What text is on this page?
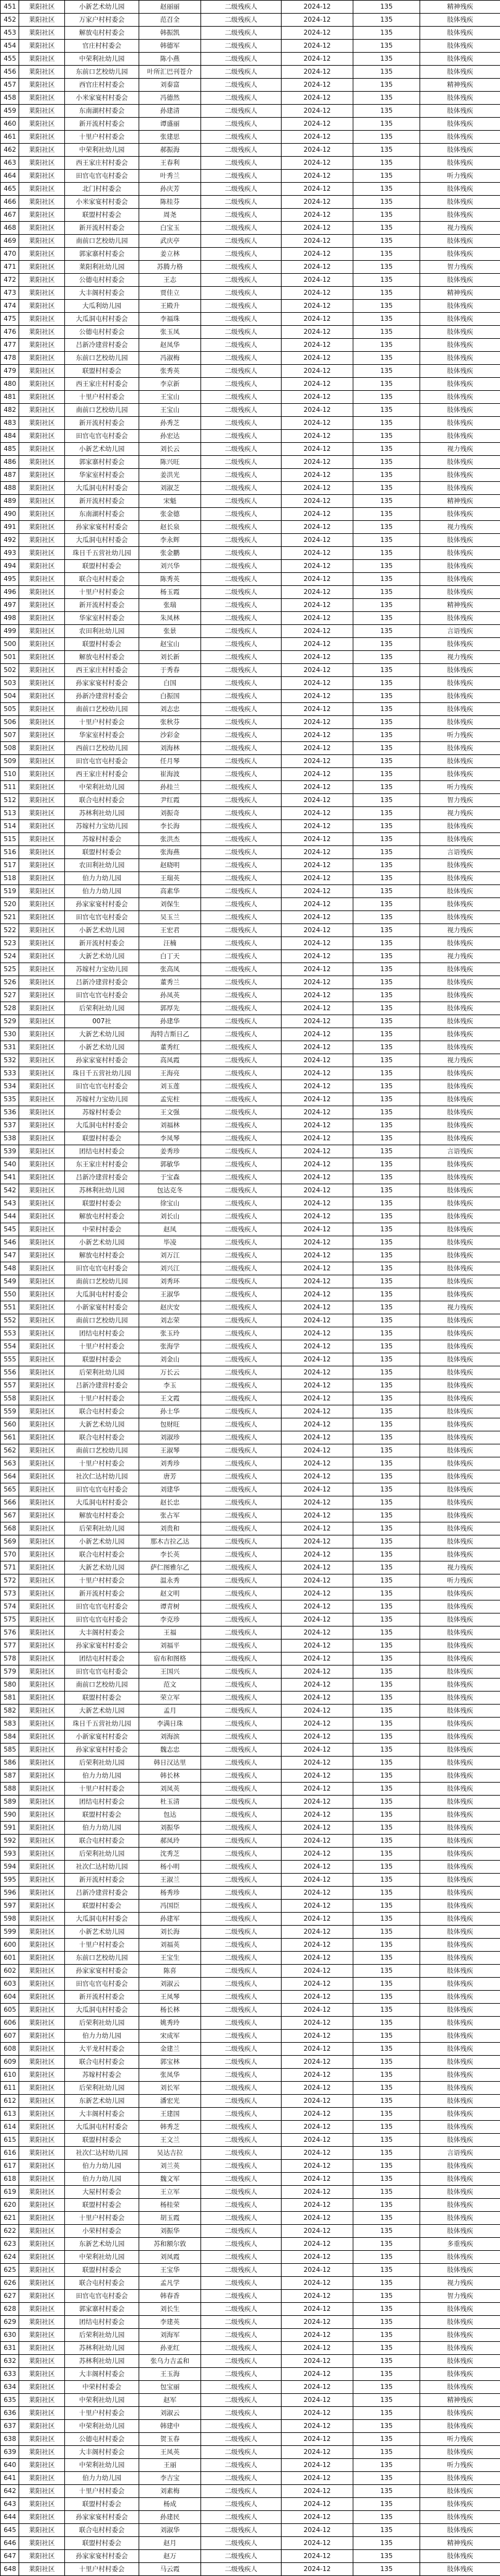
451	莱阳社区	小新艺术幼儿园	赵丽丽	二级残疾人	2024-12	135	精神残疾
452	莱阳社区	万家户村村委会	范召全	二级残疾人	2024-12	135	肢体残疾
453	莱阳社区	解放屯村村委会	韩振凯	二级残疾人	2024-12	135	肢体残疾
454	莱阳社区	官庄村村委会	韩德军	二级残疾人	2024-12	135	肢体残疾
455	莱阳社区	中荣利社幼儿园	陈小燕	二级残疾人	2024-12	135	肢体残疾
456	莱阳社区	东前口艺校幼儿园	叶所汇巴刊苍介	二级残疾人	2024-12	135	肢体残疾
457	莱阳社区	西官庄村村委会	刘泰富	二级残疾人	2024-12	135	精神残疾
458	莱阳社区	小米家宴村村委会	冯德然	二级残疾人	2024-12	135	肢体残疾
459	莱阳社区	东南湖村村委会	孙建清	二级残疾人	2024-12	135	肢体残疾
460	莱阳社区	新开流村村委会	谭盛丽	二级残疾人	2024-12	135	肢体残疾
461	莱阳社区	十里户村村委会	张建思	二级残疾人	2024-12	135	肢体残疾
462	莱阳社区	中荣利社幼儿园	郝振海	二级残疾人	2024-12	135	肢体残疾
463	莱阳社区	西王家庄村村委会	王春利	二级残疾人	2024-12	135	肢体残疾
464	莱阳社区	田官屯官屯村委会	叶秀兰	二级残疾人	2024-12	135	听力残疾
465	莱阳社区	北门村村委会	孙庆芳	二级残疾人	2024-12	135	肢体残疾
466	莱阳社区	小米家宴村村委会	陈桂芬	二级残疾人	2024-12	135	肢体残疾
467	莱阳社区	联盟村村委会	周尧	二级残疾人	2024-12	135	肢体残疾
468	莱阳社区	新开流村村委会	白宝玉	二级残疾人	2024-12	135	视力残疾
469	莱阳社区	南前口艺校幼儿园	武庆亭	二级残疾人	2024-12	135	肢体残疾
470	莱阳社区	郭家寨村村委会	姜立林	二级残疾人	2024-12	135	肢体残疾
471	莱阳社区	莱阳利社幼儿园	苏腾力格	二级残疾人	2024-12	135	智力残疾
472	莱阳社区	公德屯村村委会	王志	二级残疾人	2024-12	135	肢体残疾
473	莱阳社区	大丰阁村村委会	贾佳立	二级残疾人	2024-12	135	精神残疾
474	莱阳社区	大瓜利幼儿园	王殿升	二级残疾人	2024-12	135	肢体残疾
475	莱阳社区	大瓜洞屯村村委会	李福珠	二级残疾人	2024-12	135	肢体残疾
476	莱阳社区	公德屯村村委会	张玉凤	二级残疾人	2024-12	135	肢体残疾
477	莱阳社区	吕新冷建营村委会	赵凤华	二级残疾人	2024-12	135	肢体残疾
478	莱阳社区	东前口艺校幼儿园	冯淑梅	二级残疾人	2024-12	135	肢体残疾
479	莱阳社区	联盟村村委会	张秀英	二级残疾人	2024-12	135	肢体残疾
480	莱阳社区	西王家庄村村委会	李京新	二级残疾人	2024-12	135	肢体残疾
481	莱阳社区	十里户村村委会	王宝山	二级残疾人	2024-12	135	肢体残疾
482	莱阳社区	南前口艺校幼儿园	王宝山	二级残疾人	2024-12	135	肢体残疾
483	莱阳社区	新开流村村委会	孙秀芝	二级残疾人	2024-12	135	肢体残疾
484	莱阳社区	田官屯官屯村委会	孙宏达	二级残疾人	2024-12	135	肢体残疾
485	莱阳社区	小新艺术幼儿园	刘长云	二级残疾人	2024-12	135	视力残疾
486	莱阳社区	郭家寨村村委会	陈兴旺	二级残疾人	2024-12	135	肢体残疾
487	莱阳社区	华家室村村委会	姜洪光	二级残疾人	2024-12	135	肢体残疾
488	莱阳社区	大瓜洞屯村村委会	刘淑芝	二级残疾人	2024-12	135	肢体残疾
489	莱阳社区	新开流村村委会	宋魁	二级残疾人	2024-12	135	精神残疾
490	莱阳社区	东南湖村村委会	张金德	二级残疾人	2024-12	135	肢体残疾
491	莱阳社区	孙家家宴村村委会	赵长泉	二级残疾人	2024-12	135	视力残疾
492	莱阳社区	大瓜洞屯村村委会	李永辉	二级残疾人	2024-12	135	肢体残疾
493	莱阳社区	珠日千五营社幼儿园	张金鹏	二级残疾人	2024-12	135	肢体残疾
494	莱阳社区	联盟村村委会	刘兴华	二级残疾人	2024-12	135	肢体残疾
495	莱阳社区	联合屯村村委会	陈秀英	二级残疾人	2024-12	135	肢体残疾
496	莱阳社区	十里户村村委会	杨玉霞	二级残疾人	2024-12	135	肢体残疾
497	莱阳社区	新开流村村委会	张瑞	二级残疾人	2024-12	135	精神残疾
498	莱阳社区	华家室村村委会	朱凤林	二级残疾人	2024-12	135	肢体残疾
499	莱阳社区	农田利社幼儿园	张景	二级残疾人	2024-12	135	言语残疾
500	莱阳社区	联盟村村委会	赵宝山	二级残疾人	2024-12	135	肢体残疾
501	莱阳社区	解放屯村村委会	刘长新	二级残疾人	2024-12	135	视力残疾
502	莱阳社区	西王家庄村村委会	于秀春	二级残疾人	2024-12	135	肢体残疾
503	莱阳社区	孙家家宴村村委会	白国	二级残疾人	2024-12	135	肢体残疾
504	莱阳社区	孙新冷建营村委会	白振国	二级残疾人	2024-12	135	肢体残疾
505	莱阳社区	南前口艺校幼儿园	刘志忠	二级残疾人	2024-12	135	肢体残疾
506	莱阳社区	十里户村村委会	张秋芬	二级残疾人	2024-12	135	肢体残疾
507	莱阳社区	华家室村村委会	沙彩金	二级残疾人	2024-12	135	听力残疾
508	莱阳社区	西前口艺校幼儿园	刘海林	二级残疾人	2024-12	135	肢体残疾
509	莱阳社区	田官屯官屯村委会	任月琴	二级残疾人	2024-12	135	肢体残疾
510	莱阳社区	西王家庄村村委会	崔海波	二级残疾人	2024-12	135	肢体残疾
511	莱阳社区	中荣利社幼儿园	孙桂兰	二级残疾人	2024-12	135	听力残疾
512	莱阳社区	联合屯村村委会	尹红霞	二级残疾人	2024-12	135	智力残疾
513	莱阳社区	苏林利社幼儿园	刘振奇	二级残疾人	2024-12	135	视力残疾
514	莱阳社区	苏嫁村力宝幼儿园	李长海	二级残疾人	2024-12	135	肢体残疾
515	莱阳社区	苏嫁村村委会	张洪杰	二级残疾人	2024-12	135	肢体残疾
516	莱阳社区	联盟村村委会	张海燕	二级残疾人	2024-12	135	言语残疾
517	莱阳社区	农田利社幼儿园	赵晓明	二级残疾人	2024-12	135	肢体残疾
518	莱阳社区	伯力力幼儿园	王瑞英	二级残疾人	2024-12	135	肢体残疾
519	莱阳社区	伯力力幼儿园	高素华	二级残疾人	2024-12	135	肢体残疾
520	莱阳社区	孙家家宴村村委会	刘保生	二级残疾人	2024-12	135	肢体残疾
521	莱阳社区	田官屯官屯村委会	吴玉兰	二级残疾人	2024-12	135	肢体残疾
522	莱阳社区	小新艺术幼儿园	王宏君	二级残疾人	2024-12	135	视力残疾
523	莱阳社区	新开流村村委会	汪楠	二级残疾人	2024-12	135	肢体残疾
524	莱阳社区	大新艺术幼儿园	白丁天	二级残疾人	2024-12	135	视力残疾
525	莱阳社区	苏嫁村力宝幼儿园	张高凤	二级残疾人	2024-12	135	肢体残疾
526	莱阳社区	吕新冷建营村委会	董秀兰	二级残疾人	2024-12	135	肢体残疾
527	莱阳社区	田官屯官屯村委会	孙凤英	二级残疾人	2024-12	135	肢体残疾
528	莱阳社区	后荣利社幼儿园	郭厚先	二级残疾人	2024-12	135	肢体残疾
529	莱阳社区	007社	孙建华	二级残疾人	2024-12	135	肢体残疾
530	莱阳社区	大新艺术幼儿园	海特吉斯日乙	二级残疾人	2024-12	135	肢体残疾
531	莱阳社区	小新艺术幼儿园	董秀红	二级残疾人	2024-12	135	肢体残疾
532	莱阳社区	孙家家宴村村委会	高凤霞	二级残疾人	2024-12	135	视力残疾
533	莱阳社区	珠日千五营社幼儿园	王海亮	二级残疾人	2024-12	135	肢体残疾
534	莱阳社区	田官屯官屯村委会	刘玉莲	二级残疾人	2024-12	135	肢体残疾
535	莱阳社区	苏嫁村力宝幼儿园	孟宪柱	二级残疾人	2024-12	135	肢体残疾
536	莱阳社区	苏嫁村村委会	王文强	二级残疾人	2024-12	135	肢体残疾
537	莱阳社区	大瓜洞屯村村委会	刘福林	二级残疾人	2024-12	135	肢体残疾
538	莱阳社区	联盟村村委会	李凤琴	二级残疾人	2024-12	135	肢体残疾
539	莱阳社区	团结屯村村委会	姜秀珍	二级残疾人	2024-12	135	言语残疾
540	莱阳社区	东王家庄村村委会	郭敏华	二级残疾人	2024-12	135	肢体残疾
541	莱阳社区	吕新冷建营村委会	于宝森	二级残疾人	2024-12	135	肢体残疾
542	莱阳社区	苏林利社幼儿园	包达克冬	二级残疾人	2024-12	135	肢体残疾
543	莱阳社区	联盟村村委会	徐宝山	二级残疾人	2024-12	135	肢体残疾
544	莱阳社区	解放屯村村委会	刘长山	二级残疾人	2024-12	135	肢体残疾
545	莱阳社区	中荣村村委会	赵凤	二级残疾人	2024-12	135	肢体残疾
546	莱阳社区	小新艺术幼儿园	毕凌	二级残疾人	2024-12	135	肢体残疾
547	莱阳社区	解放屯村村委会	刘万江	二级残疾人	2024-12	135	肢体残疾
548	莱阳社区	田官屯官屯村委会	刘兴江	二级残疾人	2024-12	135	肢体残疾
549	莱阳社区	南前口艺校幼儿园	刘秀环	二级残疾人	2024-12	135	肢体残疾
550	莱阳社区	大瓜洞屯村村委会	王淑华	二级残疾人	2024-12	135	肢体残疾
551	莱阳社区	小新家宴村村委会	赵庆安	二级残疾人	2024-12	135	视力残疾
552	莱阳社区	南前口艺校幼儿园	刘志荣	二级残疾人	2024-12	135	肢体残疾
553	莱阳社区	团结屯村村委会	张玉玲	二级残疾人	2024-12	135	肢体残疾
554	莱阳社区	十里户村村委会	张海学	二级残疾人	2024-12	135	肢体残疾
555	莱阳社区	联盟村村委会	刘金山	二级残疾人	2024-12	135	肢体残疾
556	莱阳社区	后荣利社幼儿园	万长云	二级残疾人	2024-12	135	肢体残疾
557	莱阳社区	吕新冷建营村委会	李玉	二级残疾人	2024-12	135	肢体残疾
558	莱阳社区	十里户村村委会	王文霞	二级残疾人	2024-12	135	肢体残疾
559	莱阳社区	联合屯村村委会	孙士华	二级残疾人	2024-12	135	肢体残疾
560	莱阳社区	大新艺术幼儿园	包财旺	二级残疾人	2024-12	135	肢体残疾
561	莱阳社区	联合屯村村委会	刘淑珍	二级残疾人	2024-12	135	肢体残疾
562	莱阳社区	南前口艺校幼儿园	王淑琴	二级残疾人	2024-12	135	肢体残疾
563	莱阳社区	十里户村村委会	刘秀珍	二级残疾人	2024-12	135	肢体残疾
564	莱阳社区	社次仁达村幼儿园	唐芳	二级残疾人	2024-12	135	肢体残疾
565	莱阳社区	田官屯官屯村委会	刘建华	二级残疾人	2024-12	135	肢体残疾
566	莱阳社区	大瓜洞屯村村委会	赵长忠	二级残疾人	2024-12	135	肢体残疾
567	莱阳社区	解放屯村村委会	张占军	二级残疾人	2024-12	135	肢体残疾
568	莱阳社区	后荣利社幼儿园	刘贵和	二级残疾人	2024-12	135	肢体残疾
569	莱阳社区	小新艺术幼儿园	那木吉拉乙达	二级残疾人	2024-12	135	肢体残疾
570	莱阳社区	联合屯村村委会	李长英	二级残疾人	2024-12	135	肢体残疾
571	莱阳社区	大新艺术幼儿园	萨仁图雅尔乙	二级残疾人	2024-12	135	视力残疾
572	莱阳社区	十里户村村委会	温永秀	二级残疾人	2024-12	135	听力残疾
573	莱阳社区	新开流村村委会	赵文明	二级残疾人	2024-12	135	肢体残疾
574	莱阳社区	田官屯官屯村委会	谭青树	二级残疾人	2024-12	135	肢体残疾
575	莱阳社区	田官屯官屯村委会	李克珍	二级残疾人	2024-12	135	肢体残疾
576	莱阳社区	大丰阁村村委会	王福	二级残疾人	2024-12	135	肢体残疾
577	莱阳社区	孙家家宴村村委会	刘福平	二级残疾人	2024-12	135	肢体残疾
578	莱阳社区	团结屯村村委会	宿布和图格	二级残疾人	2024-12	135	肢体残疾
579	莱阳社区	田官屯官屯村委会	王国兴	二级残疾人	2024-12	135	肢体残疾
580	莱阳社区	南前口艺校幼儿园	范文	二级残疾人	2024-12	135	肢体残疾
581	莱阳社区	联盟村村委会	荣立军	二级残疾人	2024-12	135	肢体残疾
582	莱阳社区	大新艺术幼儿园	孟月	二级残疾人	2024-12	135	肢体残疾
583	莱阳社区	珠日千五营社幼儿园	李满日珠	二级残疾人	2024-12	135	肢体残疾
584	莱阳社区	小新家宴村村委会	刘海滨	二级残疾人	2024-12	135	肢体残疾
585	莱阳社区	孙家家宴村村委会	魏志忠	二级残疾人	2024-12	135	肢体残疾
586	莱阳社区	后荣利社幼儿园	韩日汉达里	二级残疾人	2024-12	135	肢体残疾
587	莱阳社区	伯力力幼儿园	韩长林	二级残疾人	2024-12	135	肢体残疾
588	莱阳社区	十里户村村委会	刘凤英	二级残疾人	2024-12	135	肢体残疾
589	莱阳社区	团结屯村村委会	杜玉清	二级残疾人	2024-12	135	肢体残疾
590	莱阳社区	联盟村村委会	包达	二级残疾人	2024-12	135	肢体残疾
591	莱阳社区	伯力力幼儿园	刘振华	二级残疾人	2024-12	135	肢体残疾
592	莱阳社区	联合屯村村委会	郝凤玲	二级残疾人	2024-12	135	肢体残疾
593	莱阳社区	后荣利社幼儿园	沈秀芝	二级残疾人	2024-12	135	肢体残疾
594	莱阳社区	社次仁达村幼儿园	杨小明	二级残疾人	2024-12	135	肢体残疾
595	莱阳社区	新开流村村委会	王淑兰	二级残疾人	2024-12	135	肢体残疾
596	莱阳社区	吕新冷建营村委会	杨秀珍	二级残疾人	2024-12	135	肢体残疾
597	莱阳社区	联盟村村委会	冯国臣	二级残疾人	2024-12	135	肢体残疾
598	莱阳社区	大瓜洞屯村村委会	孙建军	二级残疾人	2024-12	135	肢体残疾
599	莱阳社区	小新艺术幼儿园	刘长海	二级残疾人	2024-12	135	肢体残疾
600	莱阳社区	十里户村村委会	刘福英	二级残疾人	2024-12	135	肢体残疾
601	莱阳社区	东前口艺校幼儿园	王宝生	二级残疾人	2024-12	135	肢体残疾
602	莱阳社区	孙家家宴村村委会	陈喜	二级残疾人	2024-12	135	肢体残疾
603	莱阳社区	田官屯官屯村委会	刘淑云	二级残疾人	2024-12	135	肢体残疾
604	莱阳社区	新开流村村委会	王凤琴	二级残疾人	2024-12	135	肢体残疾
605	莱阳社区	大瓜洞屯村村委会	杨长林	二级残疾人	2024-12	135	肢体残疾
606	莱阳社区	后荣利社幼儿园	姚秀玲	二级残疾人	2024-12	135	肢体残疾
607	莱阳社区	伯力力幼儿园	宋成军	二级残疾人	2024-12	135	肢体残疾
608	莱阳社区	大平龙村村委会	金建兰	二级残疾人	2024-12	135	肢体残疾
609	莱阳社区	联合屯村村委会	郭宝林	二级残疾人	2024-12	135	肢体残疾
610	莱阳社区	苏嫁村村委会	张凤华	二级残疾人	2024-12	135	肢体残疾
611	莱阳社区	后荣利社幼儿园	刘长军	二级残疾人	2024-12	135	肢体残疾
612	莱阳社区	东新艺术幼儿园	潘宏光	二级残疾人	2024-12	135	肢体残疾
613	莱阳社区	大丰阁村村委会	王建国	二级残疾人	2024-12	135	肢体残疾
614	莱阳社区	大瓜洞屯村村委会	韩秀芝	二级残疾人	2024-12	135	肢体残疾
615	莱阳社区	联盟村村委会	王文兰	二级残疾人	2024-12	135	肢体残疾
616	莱阳社区	社次仁达村幼儿园	吴达吉拉	二级残疾人	2024-12	135	言语残疾
617	莱阳社区	伯力力幼儿园	刘兰英	二级残疾人	2024-12	135	肢体残疾
618	莱阳社区	伯力力幼儿园	魏文军	二级残疾人	2024-12	135	肢体残疾
619	莱阳社区	大屋村村委会	王立军	二级残疾人	2024-12	135	肢体残疾
620	莱阳社区	联盟村村委会	杨桂荣	二级残疾人	2024-12	135	肢体残疾
621	莱阳社区	十里户村村委会	胡玉霞	二级残疾人	2024-12	135	肢体残疾
622	莱阳社区	小荣村村委会	刘振华	二级残疾人	2024-12	135	肢体残疾
623	莱阳社区	东新艺术幼儿园	苏和额尔敦	二级残疾人	2024-12	135	多重残疾
624	莱阳社区	中荣利社幼儿园	刘凤霞	二级残疾人	2024-12	135	肢体残疾
625	莱阳社区	联盟村村委会	王宝华	二级残疾人	2024-12	135	肢体残疾
626	莱阳社区	联合屯村村委会	孟凡学	二级残疾人	2024-12	135	视力残疾
627	莱阳社区	田官屯官屯村委会	韩春香	二级残疾人	2024-12	135	智力残疾
628	莱阳社区	郭家寨村村委会	刘长生	二级残疾人	2024-12	135	肢体残疾
629	莱阳社区	团结屯村村委会	李建英	二级残疾人	2024-12	135	肢体残疾
630	莱阳社区	后荣利社幼儿园	刘海军	二级残疾人	2024-12	135	肢体残疾
631	莱阳社区	苏林利社幼儿园	孙亚红	二级残疾人	2024-12	135	肢体残疾
632	莱阳社区	苏林利社幼儿园	张乌力吉孟和	二级残疾人	2024-12	135	肢体残疾
633	莱阳社区	大丰阁村村委会	王玉海	二级残疾人	2024-12	135	肢体残疾
634	莱阳社区	中荣村村委会	包宝丽	二级残疾人	2024-12	135	肢体残疾
635	莱阳社区	中荣利社幼儿园	赵军	二级残疾人	2024-12	135	精神残疾
636	莱阳社区	十里户村村委会	刘淑云	二级残疾人	2024-12	135	肢体残疾
637	莱阳社区	中荣利社幼儿园	韩建中	二级残疾人	2024-12	135	肢体残疾
638	莱阳社区	公德屯村村委会	贺玉春	二级残疾人	2024-12	135	听力残疾
639	莱阳社区	大丰阁村村委会	王凤英	二级残疾人	2024-12	135	肢体残疾
640	莱阳社区	中荣利社幼儿园	王丽	二级残疾人	2024-12	135	听力残疾
641	莱阳社区	伯力力幼儿园	李吉宝	二级残疾人	2024-12	135	肢体残疾
642	莱阳社区	十里户村村委会	刘素梅	二级残疾人	2024-12	135	肢体残疾
643	莱阳社区	联盟村村委会	杨成	二级残疾人	2024-12	135	肢体残疾
644	莱阳社区	孙家家宴村村委会	孙建民	二级残疾人	2024-12	135	肢体残疾
645	莱阳社区	联合屯村村委会	刘淑华	二级残疾人	2024-12	135	肢体残疾
646	莱阳社区	联盟村村委会	赵月	二级残疾人	2024-12	135	精神残疾
647	莱阳社区	孙家家宴村村委会	赵万	二级残疾人	2024-12	135	肢体残疾
648	莱阳社区	十里户村村委会	马云霞	二级残疾人	2024-12	135	肢体残疾
